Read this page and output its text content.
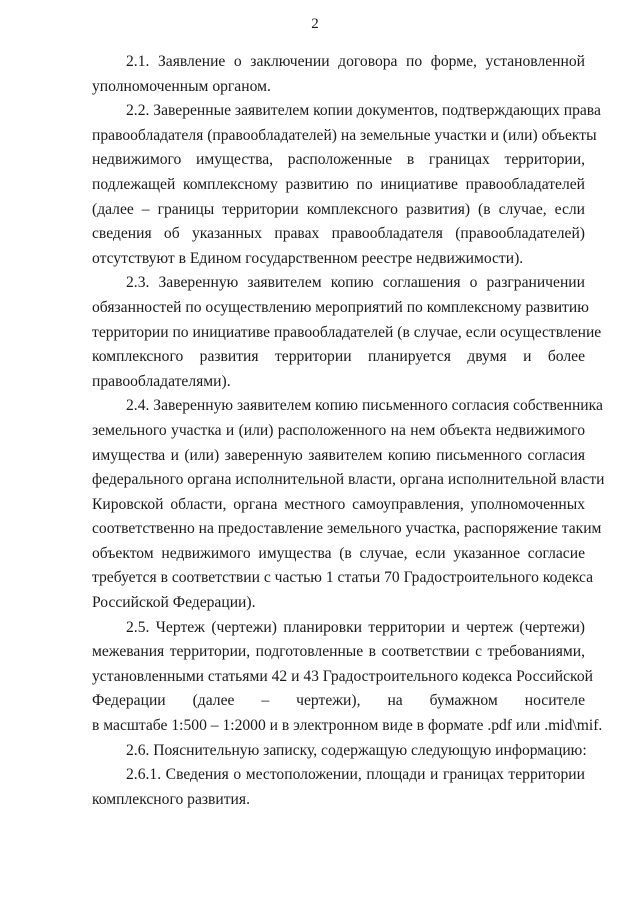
2

2.1. Заявление о заключении договора по форме, установленной
уполномоченным органом.

2.2. Заверенные заявителем копии документов, подтверждающих права
правообладателя (правообладателей) на земельные участки и (или) объекты
недвижимого имущества, расположенные в границах территории,
подлежащей комплексному развитию по инициативе правообладателей
(далее – границы территории комплексного развития) (в случае, если
сведения об указанных правах правообладателя (правообладателей)
отсутствуют в Едином государственном реестре недвижимости).

2.3. Заверенную заявителем копию соглашения о разграничении
обязанностей по осуществлению мероприятий по комплексному развитию
территории по инициативе правообладателей (в случае, если осуществление
комплексного развития территории планируется двумя и более
правообладателями).

2.4. Заверенную заявителем копию письменного согласия собственника
земельного участка и (или) расположенного на нем объекта недвижимого
имущества и (или) заверенную заявителем копию письменного согласия
федерального органа исполнительной власти, органа исполнительной власти
Кировской области, органа местного самоуправления, уполномоченных
соответственно на предоставление земельного участка, распоряжение таким
объектом недвижимого имущества (в случае, если указанное согласие
требуется в соответствии с частью 1 статьи 70 Градостроительного кодекса
Российской Федерации).

2.5. Чертеж (чертежи) планировки территории и чертеж (чертежи)
межевания территории, подготовленные в соответствии с требованиями,
установленными статьями 42 и 43 Градостроительного кодекса Российской
Федерации (далее – чертежи), на бумажном носителе
в масштабе 1:500 – 1:2000 и в электронном виде в формате .pdf или .mid\mif.

2.6. Пояснительную записку, содержащую следующую информацию:

2.6.1. Сведения о местоположении, площади и границах территории
комплексного развития.
